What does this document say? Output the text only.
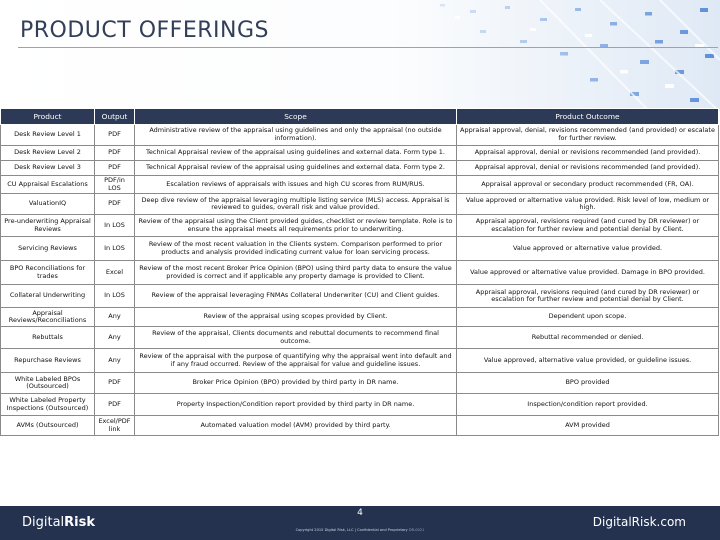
PRODUCT OFFERINGS
Product	Output	Scope	Product Outcome
Desk Review Level 1	PDF	Administrative review of the appraisal using guidelines and only the appraisal (no outside information).	Appraisal approval, denial, revisions recommended (and provided) or escalate for further review.
Desk Review Level 2	PDF	Technical Appraisal review of the appraisal using guidelines and external data. Form type 1.	Appraisal approval, denial or revisions recommended (and provided).
Desk Review Level 3	PDF	Technical Appraisal review of the appraisal using guidelines and external data. Form type 2.	Appraisal approval, denial or revisions recommended (and provided).
CU Appraisal Escalations	PDF/in LOS	Escalation reviews of appraisals with issues and high CU scores from RUM/RUS.	Appraisal approval or secondary product recommended (FR, OA).
ValuationIQ	PDF	Deep dive review of the appraisal leveraging multiple listing service (MLS) access. Appraisal is reviewed to guides, overall risk and value provided.	Value approved or alternative value provided. Risk level of low, medium or high.
Pre-underwriting Appraisal Reviews	In LOS	Review of the appraisal using the Client provided guides, checklist or review template. Role is to ensure the appraisal meets all requirements prior to underwriting.	Appraisal approval, revisions required (and cured by DR reviewer) or escalation for further review and potential denial by Client.
Servicing Reviews	In LOS	Review of the most recent valuation in the Clients system. Comparison performed to prior products and analysis provided indicating current value for loan servicing process.	Value approved or alternative value provided.
BPO Reconciliations for trades	Excel	Review of the most recent Broker Price Opinion (BPO) using third party data to ensure the value provided is correct and if applicable any property damage is provided to Client.	Value approved or alternative value provided. Damage in BPO provided.
Collateral Underwriting	In LOS	Review of the appraisal leveraging FNMAs Collateral Underwriter (CU) and Client guides.	Appraisal approval, revisions required (and cured by DR reviewer) or escalation for further review and potential denial by Client.
Appraisal Reviews/Reconciliations	Any	Review of the appraisal using scopes provided by Client.	Dependent upon scope.
Rebuttals	Any	Review of the appraisal, Clients documents and rebuttal documents to recommend final outcome.	Rebuttal recommended or denied.
Repurchase Reviews	Any	Review of the appraisal with the purpose of quantifying why the appraisal went into default and if any fraud occurred. Review of the appraisal for value and guideline issues.	Value approved, alternative value provided, or guideline issues.
White Labeled BPOs (Outsourced)	PDF	Broker Price Opinion (BPO) provided by third party in DR name.	BPO provided
White Labeled Property Inspections (Outsourced)	PDF	Property Inspection/Condition report provided by third party in DR name.	Inspection/condition report provided.
AVMs (Outsourced)	Excel/PDF link	Automated valuation model (AVM) provided by third party.	AVM provided
DigitalRisk
4
Copyright 2015 Digital Risk, LLC | Confidential and Proprietary DR-0021
DigitalRisk.com
